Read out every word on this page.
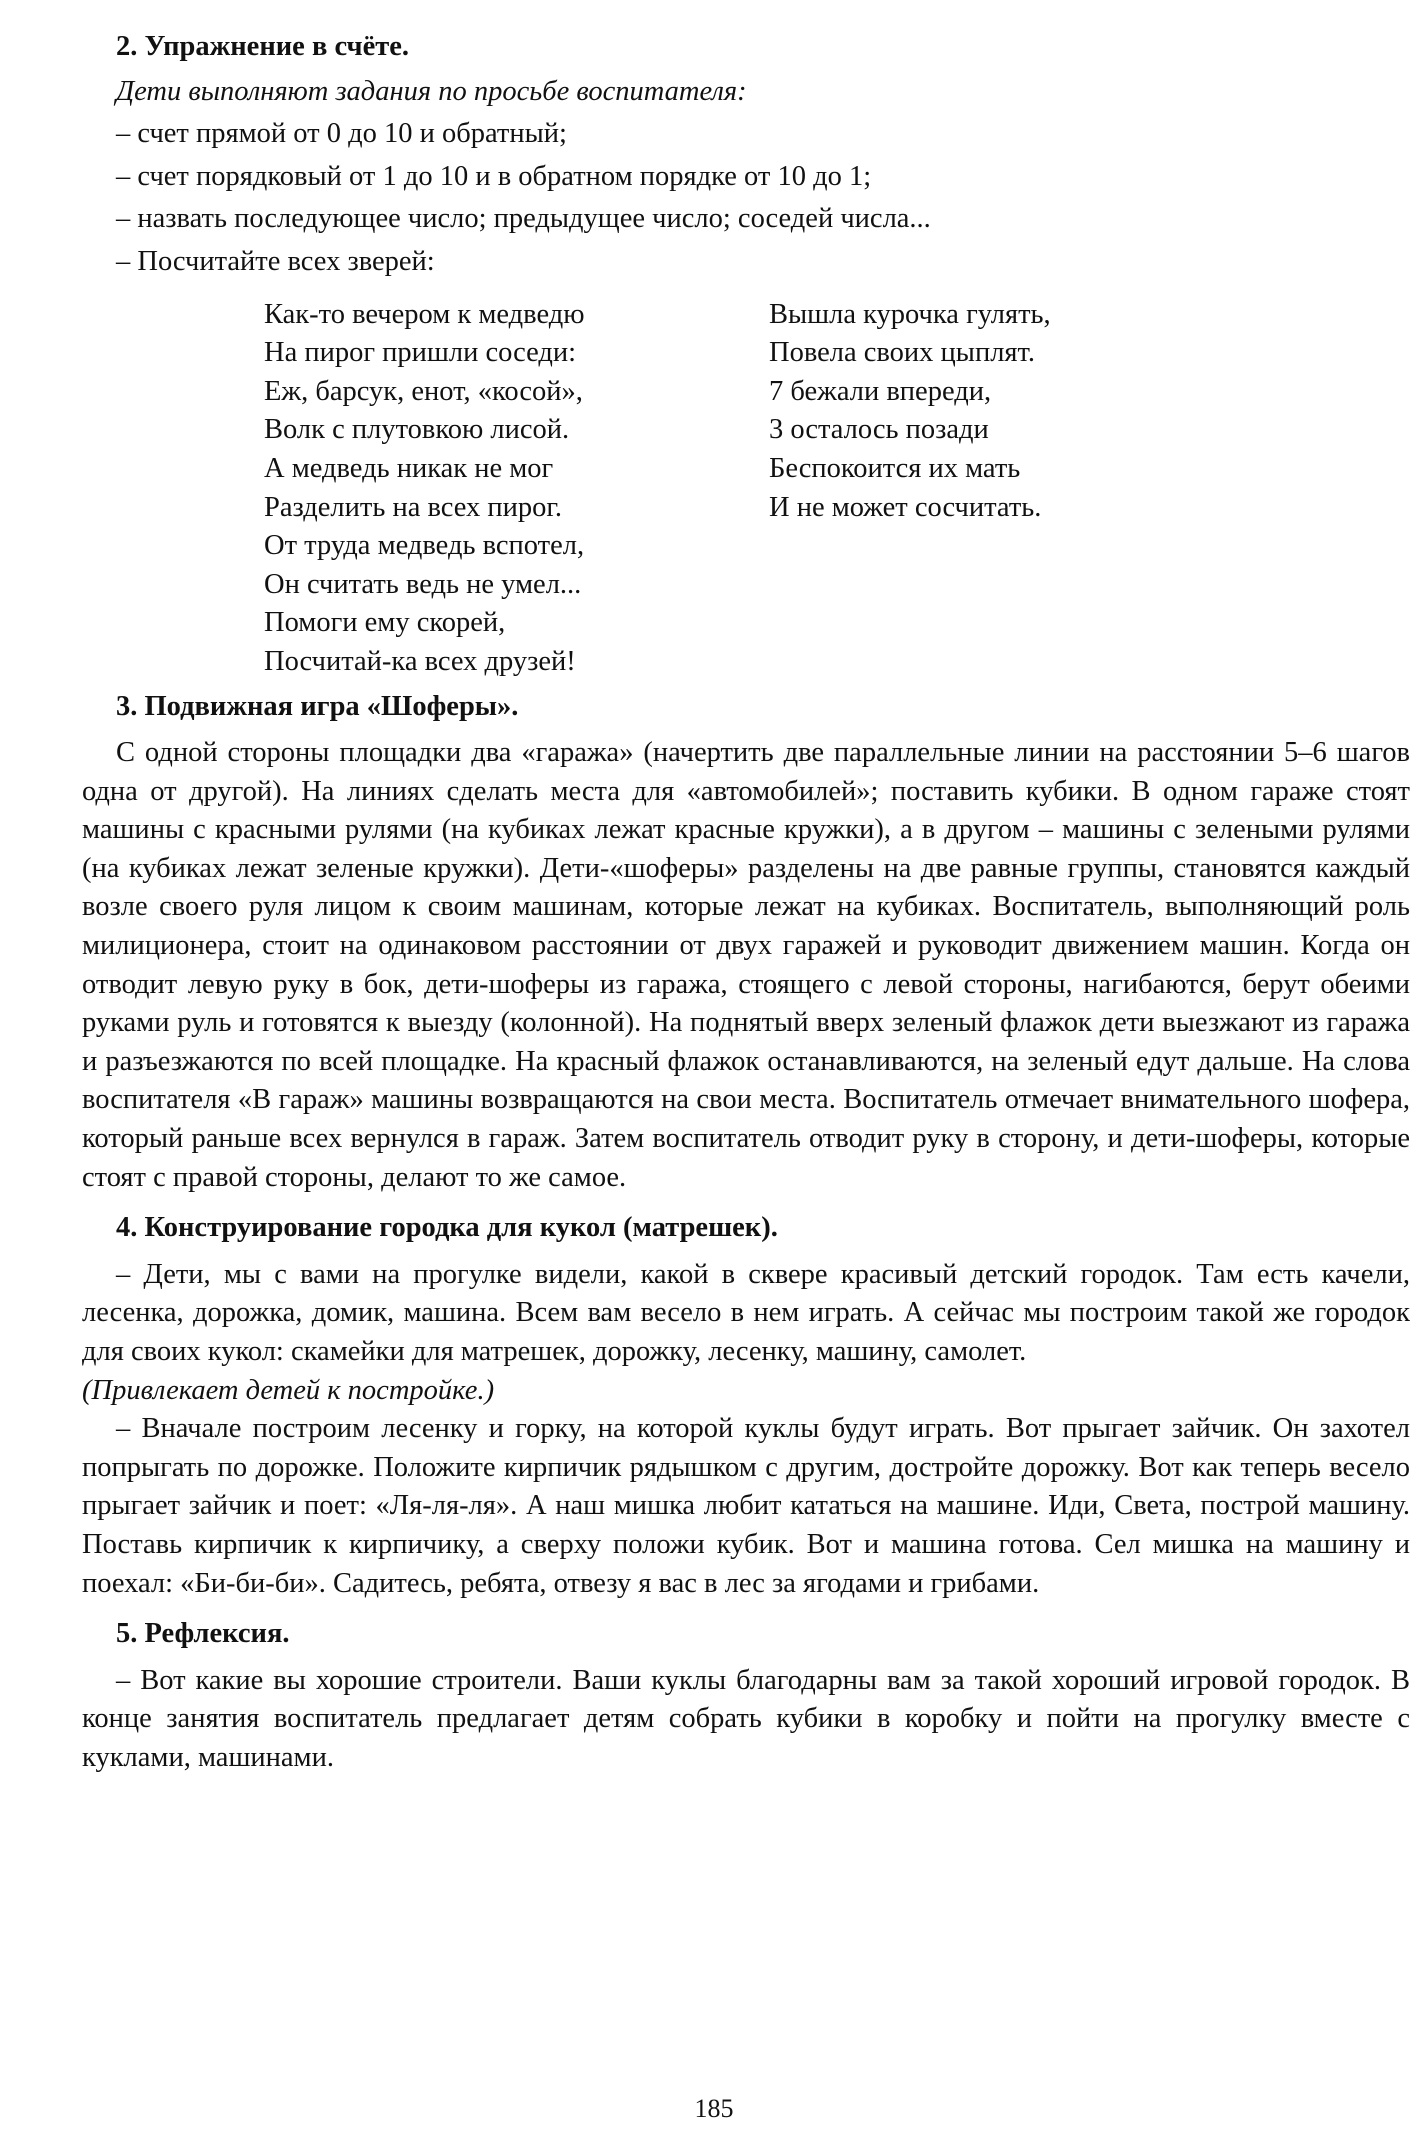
2. Упражнение в счёте.

Дети выполняют задания по просьбе воспитателя:

– счет прямой от 0 до 10 и обратный;
– счет порядковый от 1 до 10 и в обратном порядке от 10 до 1;
– назвать последующее число; предыдущее число; соседей числа...
– Посчитайте всех зверей:
Как-то вечером к медведю
На пирог пришли соседи:
Еж, барсук, енот, «косой»,
Волк с плутовкою лисой.
А медведь никак не мог
Разделить на всех пирог.
От труда медведь вспотел,
Он считать ведь не умел...
Помоги ему скорей,
Посчитай-ка всех друзей!
Вышла курочка гулять,
Повела своих цыплят.
7 бежали впереди,
3 осталось позади
Беспокоится их мать
И не может сосчитать.
3. Подвижная игра «Шоферы».

С одной стороны площадки два «гаража» (начертить две параллельные линии на расстоянии 5–6 шагов одна от другой). На линиях сделать места для «автомобилей»; поставить кубики. В одном гараже стоят машины с красными рулями (на кубиках лежат красные кружки), а в другом – машины с зелеными рулями (на кубиках лежат зеленые кружки). Дети-«шоферы» разделены на две равные группы, становятся каждый возле своего руля лицом к своим машинам, которые лежат на кубиках. Воспитатель, выполняющий роль милиционера, стоит на одинаковом расстоянии от двух гаражей и руководит движением машин. Когда он отводит левую руку в бок, дети-шоферы из гаража, стоящего с левой стороны, нагибаются, берут обеими руками руль и готовятся к выезду (колонной). На поднятый вверх зеленый флажок дети выезжают из гаража и разъезжаются по всей площадке. На красный флажок останавливаются, на зеленый едут дальше. На слова воспитателя «В гараж» машины возвращаются на свои места. Воспитатель отмечает внимательного шофера, который раньше всех вернулся в гараж. Затем воспитатель отводит руку в сторону, и дети-шоферы, которые стоят с правой стороны, делают то же самое.

4. Конструирование городка для кукол (матрешек).

– Дети, мы с вами на прогулке видели, какой в сквере красивый детский городок. Там есть качели, лесенка, дорожка, домик, машина. Всем вам весело в нем играть. А сейчас мы построим такой же городок для своих кукол: скамейки для матрешек, дорожку, лесенку, машину, самолет.
(Привлекает детей к постройке.)

– Вначале построим лесенку и горку, на которой куклы будут играть. Вот прыгает зайчик. Он захотел попрыгать по дорожке. Положите кирпичик рядышком с другим, достройте дорожку. Вот как теперь весело прыгает зайчик и поет: «Ля-ля-ля». А наш мишка любит кататься на машине. Иди, Света, построй машину. Поставь кирпичик к кирпичику, а сверху положи кубик. Вот и машина готова. Сел мишка на машину и поехал: «Би-би-би». Садитесь, ребята, отвезу я вас в лес за ягодами и грибами.

5. Рефлексия.

– Вот какие вы хорошие строители. Ваши куклы благодарны вам за такой хороший игровой городок. В конце занятия воспитатель предлагает детям собрать кубики в коробку и пойти на прогулку вместе с куклами, машинами.

185
